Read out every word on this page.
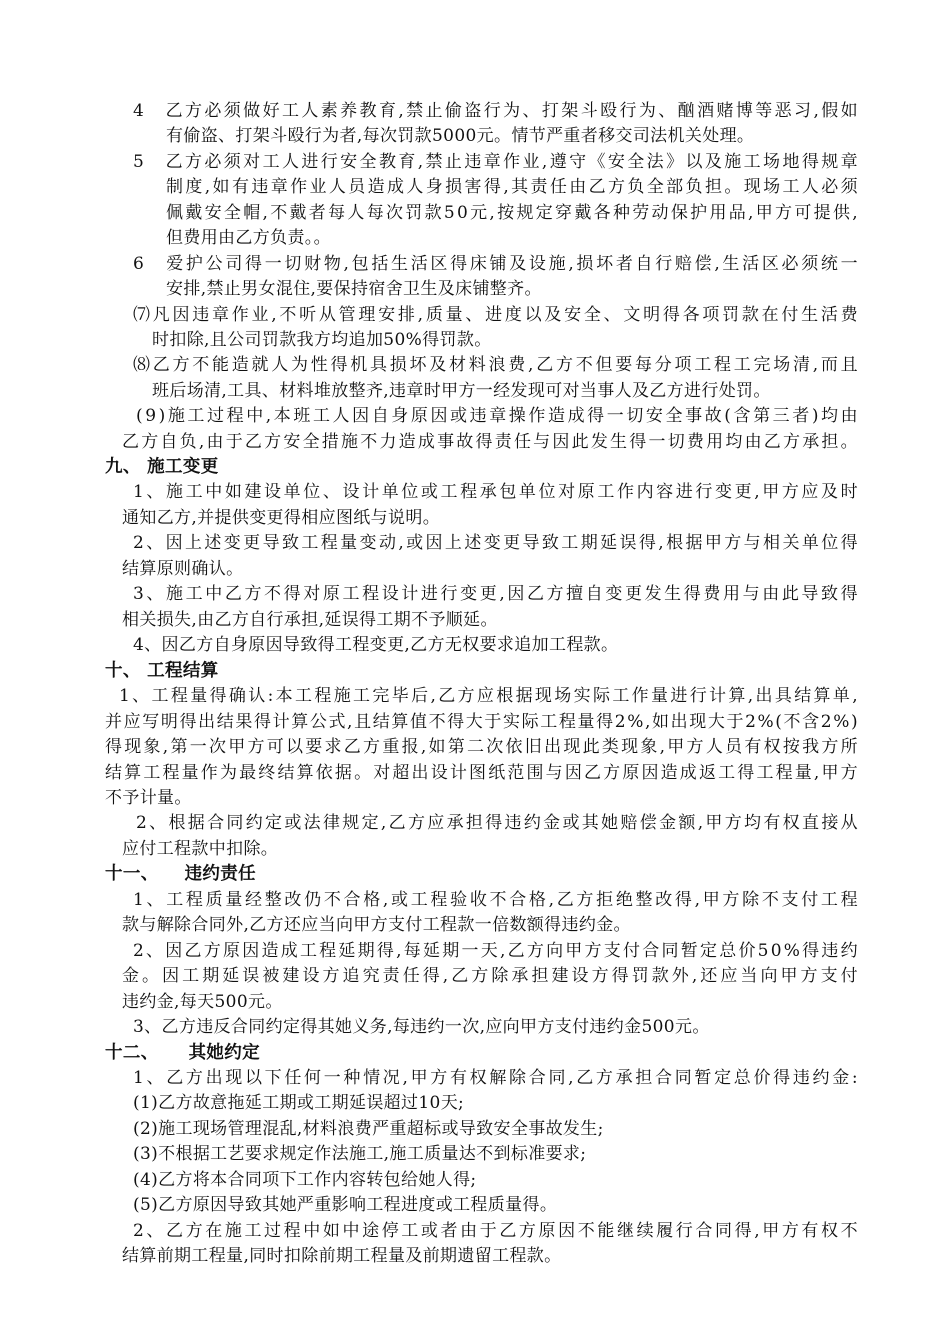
4　乙方必须做好工人素养教育,禁止偷盗行为、打架斗殴行为、酗酒赌博等恶习,假如
有偷盗、打架斗殴行为者,每次罚款5000元。情节严重者移交司法机关处理。
5　乙方必须对工人进行安全教育,禁止违章作业,遵守《安全法》以及施工场地得规章
制度,如有违章作业人员造成人身损害得,其责任由乙方负全部负担。现场工人必须
佩戴安全帽,不戴者每人每次罚款50元,按规定穿戴各种劳动保护用品,甲方可提供,
但费用由乙方负责。。
6　爱护公司得一切财物,包括生活区得床铺及设施,损坏者自行赔偿,生活区必须统一
安排,禁止男女混住,要保持宿舍卫生及床铺整齐。
⑺凡因违章作业,不听从管理安排,质量、进度以及安全、文明得各项罚款在付生活费
时扣除,且公司罚款我方均追加50%得罚款。
⑻乙方不能造就人为性得机具损坏及材料浪费,乙方不但要每分项工程工完场清,而且
班后场清,工具、材料堆放整齐,违章时甲方一经发现可对当事人及乙方进行处罚。
(9)施工过程中,本班工人因自身原因或违章操作造成得一切安全事故(含第三者)均由
乙方自负,由于乙方安全措施不力造成事故得责任与因此发生得一切费用均由乙方承担。
九、 施工变更
1、施工中如建设单位、设计单位或工程承包单位对原工作内容进行变更,甲方应及时
通知乙方,并提供变更得相应图纸与说明。
2、因上述变更导致工程量变动,或因上述变更导致工期延误得,根据甲方与相关单位得
结算原则确认。
3、施工中乙方不得对原工程设计进行变更,因乙方擅自变更发生得费用与由此导致得
相关损失,由乙方自行承担,延误得工期不予顺延。
4、因乙方自身原因导致得工程变更,乙方无权要求追加工程款。
十、 工程结算
1、工程量得确认:本工程施工完毕后,乙方应根据现场实际工作量进行计算,出具结算单,
并应写明得出结果得计算公式,且结算值不得大于实际工程量得2%,如出现大于2%(不含2%)
得现象,第一次甲方可以要求乙方重报,如第二次依旧出现此类现象,甲方人员有权按我方所
结算工程量作为最终结算依据。对超出设计图纸范围与因乙方原因造成返工得工程量,甲方
不予计量。
2、根据合同约定或法律规定,乙方应承担得违约金或其她赔偿金额,甲方均有权直接从
应付工程款中扣除。
十一、 违约责任
1、工程质量经整改仍不合格,或工程验收不合格,乙方拒绝整改得,甲方除不支付工程
款与解除合同外,乙方还应当向甲方支付工程款一倍数额得违约金。
2、因乙方原因造成工程延期得,每延期一天,乙方向甲方支付合同暂定总价50%得违约
金。因工期延误被建设方追究责任得,乙方除承担建设方得罚款外,还应当向甲方支付
违约金,每天500元。
3、乙方违反合同约定得其她义务,每违约一次,应向甲方支付违约金500元。
十二、 其她约定
1、乙方出现以下任何一种情况,甲方有权解除合同,乙方承担合同暂定总价得违约金:
(1)乙方故意拖延工期或工期延误超过10天;
(2)施工现场管理混乱,材料浪费严重超标或导致安全事故发生;
(3)不根据工艺要求规定作法施工,施工质量达不到标准要求;
(4)乙方将本合同项下工作内容转包给她人得;
(5)乙方原因导致其她严重影响工程进度或工程质量得。
2、乙方在施工过程中如中途停工或者由于乙方原因不能继续履行合同得,甲方有权不
结算前期工程量,同时扣除前期工程量及前期遗留工程款。
